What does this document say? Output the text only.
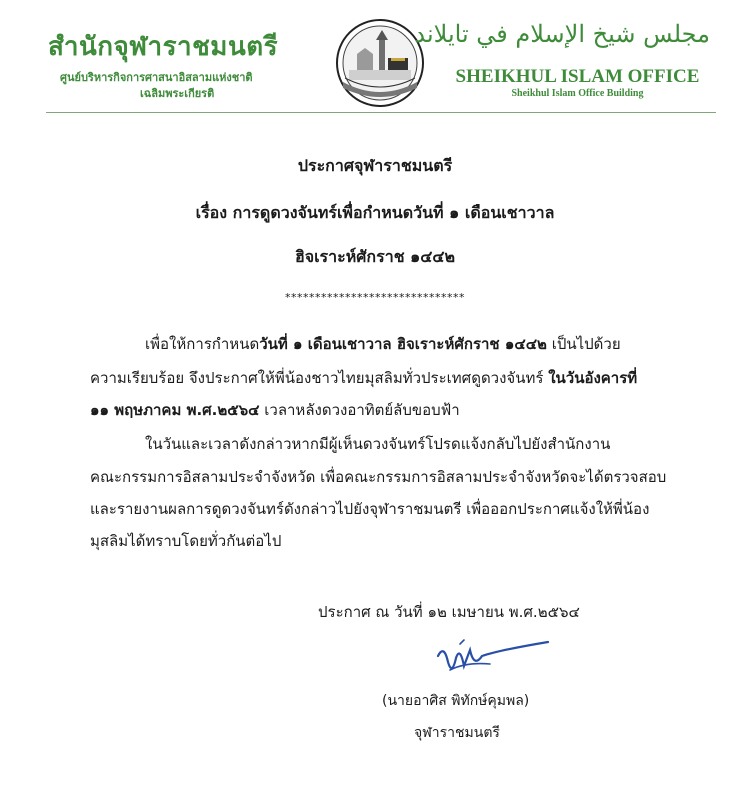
สำนักจุฬาราชมนตรี
ศูนย์บริหารกิจการศาสนาอิสลามแห่งชาติ
เฉลิมพระเกียรติ
مجلس شيخ الإسلام في تايلاند
SHEIKHUL ISLAM OFFICE
Sheikhul Islam Office Building
ประกาศจุฬาราชมนตรี
เรื่อง การดูดวงจันทร์เพื่อกำหนดวันที่ ๑ เดือนเชาวาล
ฮิจเราะห์ศักราช ๑๔๔๒
******************************
เพื่อให้การกำหนดวันที่ ๑ เดือนเชาวาล ฮิจเราะห์ศักราช ๑๔๔๒ เป็นไปด้วย
ความเรียบร้อย จึงประกาศให้พี่น้องชาวไทยมุสลิมทั่วประเทศดูดวงจันทร์ ในวันอังคารที่
๑๑ พฤษภาคม พ.ศ.๒๕๖๔ เวลาหลังดวงอาทิตย์ลับขอบฟ้า
ในวันและเวลาดังกล่าวหากมีผู้เห็นดวงจันทร์โปรดแจ้งกลับไปยังสำนักงาน
คณะกรรมการอิสลามประจำจังหวัด เพื่อคณะกรรมการอิสลามประจำจังหวัดจะได้ตรวจสอบ
และรายงานผลการดูดวงจันทร์ดังกล่าวไปยังจุฬาราชมนตรี เพื่อออกประกาศแจ้งให้พี่น้อง
มุสลิมได้ทราบโดยทั่วกันต่อไป
ประกาศ ณ วันที่ ๑๒ เมษายน พ.ศ.๒๕๖๔
(นายอาศิส พิทักษ์คุมพล)
จุฬาราชมนตรี
